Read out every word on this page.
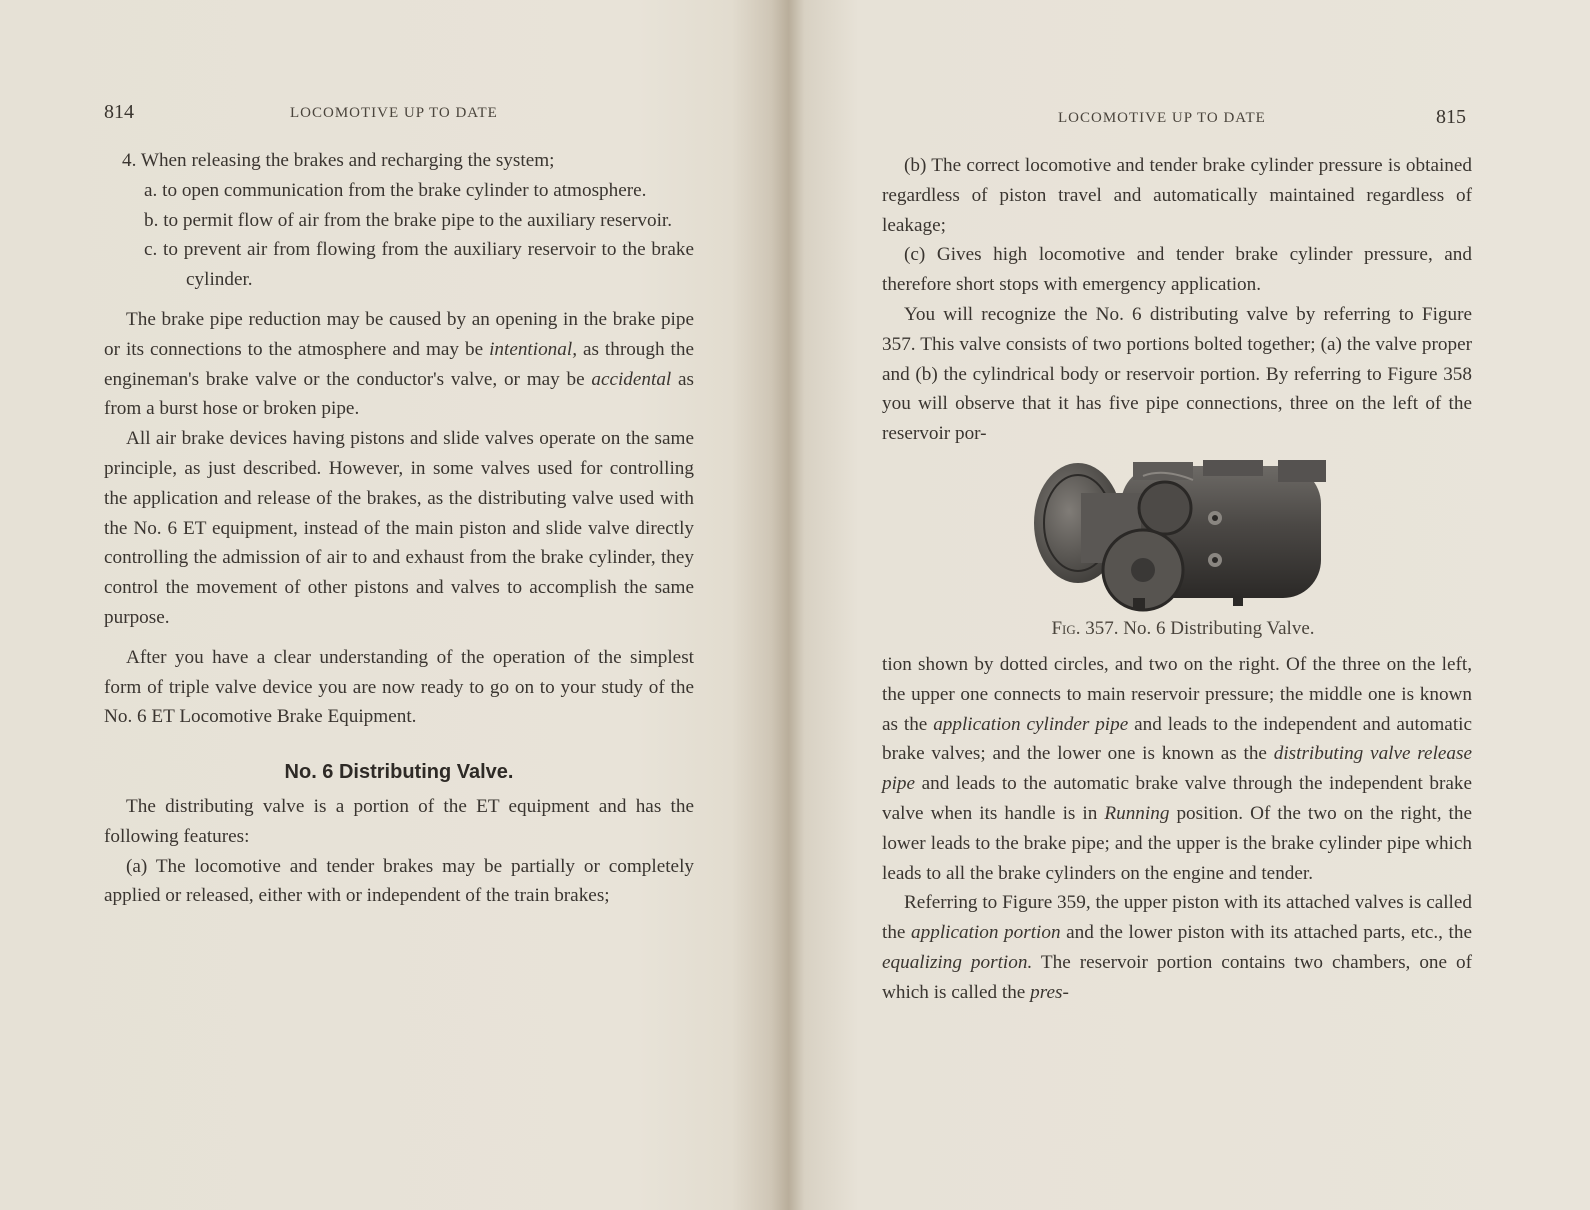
814	LOCOMOTIVE UP TO DATE

4. When releasing the brakes and recharging the system;

a. to open communication from the brake cylinder to atmosphere.

b. to permit flow of air from the brake pipe to the auxiliary reservoir.

c. to prevent air from flowing from the auxiliary reservoir to the brake cylinder.

The brake pipe reduction may be caused by an opening in the brake pipe or its connections to the atmosphere and may be intentional, as through the engineman's brake valve or the conductor's valve, or may be accidental as from a burst hose or broken pipe.

All air brake devices having pistons and slide valves operate on the same principle, as just described. However, in some valves used for controlling the application and release of the brakes, as the distributing valve used with the No. 6 ET equipment, instead of the main piston and slide valve directly controlling the admission of air to and exhaust from the brake cylinder, they control the movement of other pistons and valves to accomplish the same purpose.

After you have a clear understanding of the operation of the simplest form of triple valve device you are now ready to go on to your study of the No. 6 ET Locomotive Brake Equipment.

No. 6 Distributing Valve.

The distributing valve is a portion of the ET equipment and has the following features:

(a) The locomotive and tender brakes may be partially or completely applied or released, either with or independent of the train brakes;

LOCOMOTIVE UP TO DATE	815

(b) The correct locomotive and tender brake cylinder pressure is obtained regardless of piston travel and automatically maintained regardless of leakage;

(c) Gives high locomotive and tender brake cylinder pressure, and therefore short stops with emergency application.

You will recognize the No. 6 distributing valve by referring to Figure 357. This valve consists of two portions bolted together; (a) the valve proper and (b) the cylindrical body or reservoir portion. By referring to Figure 358 you will observe that it has five pipe connections, three on the left of the reservoir por-

Fig. 357. No. 6 Distributing Valve.

tion shown by dotted circles, and two on the right. Of the three on the left, the upper one connects to main reservoir pressure; the middle one is known as the application cylinder pipe and leads to the independent and automatic brake valves; and the lower one is known as the distributing valve release pipe and leads to the automatic brake valve through the independent brake valve when its handle is in Running position. Of the two on the right, the lower leads to the brake pipe; and the upper is the brake cylinder pipe which leads to all the brake cylinders on the engine and tender.

Referring to Figure 359, the upper piston with its attached valves is called the application portion and the lower piston with its attached parts, etc., the equalizing portion. The reservoir portion contains two chambers, one of which is called the pres-
